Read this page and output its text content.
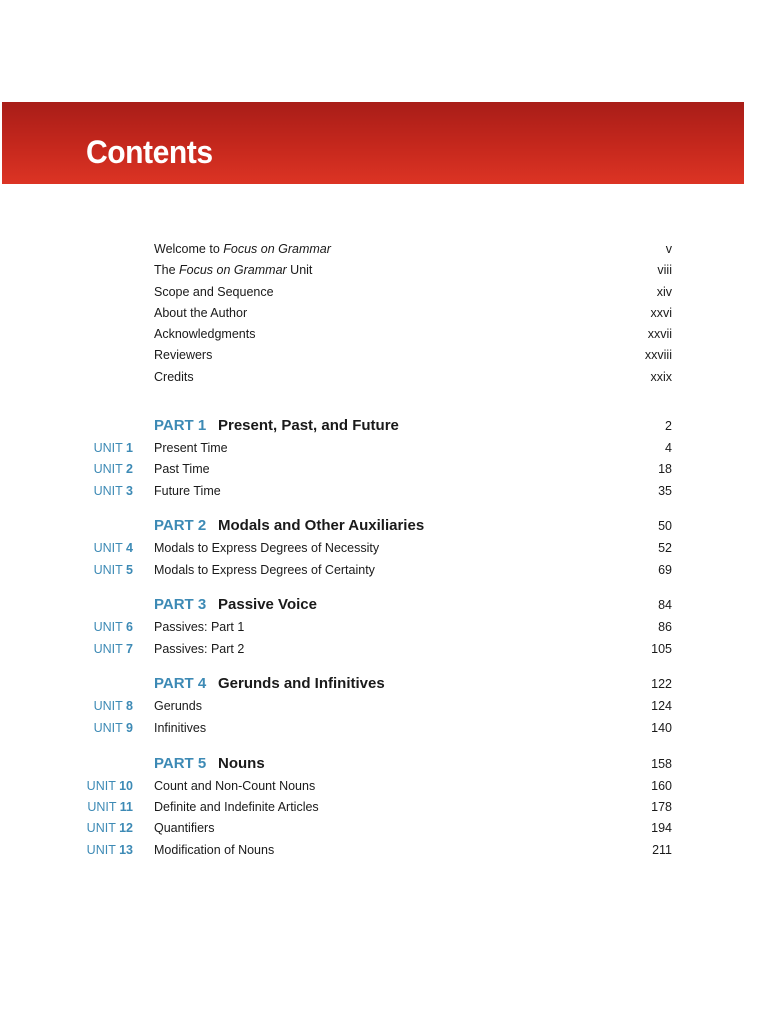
Contents
Welcome to Focus on Grammar	v
The Focus on Grammar Unit	viii
Scope and Sequence	xiv
About the Author	xxvi
Acknowledgments	xxvii
Reviewers	xxviii
Credits	xxix
PART 1 Present, Past, and Future	2
UNIT 1 Present Time	4
UNIT 2 Past Time	18
UNIT 3 Future Time	35
PART 2 Modals and Other Auxiliaries	50
UNIT 4 Modals to Express Degrees of Necessity	52
UNIT 5 Modals to Express Degrees of Certainty	69
PART 3 Passive Voice	84
UNIT 6 Passives: Part 1	86
UNIT 7 Passives: Part 2	105
PART 4 Gerunds and Infinitives	122
UNIT 8 Gerunds	124
UNIT 9 Infinitives	140
PART 5 Nouns	158
UNIT 10 Count and Non-Count Nouns	160
UNIT 11 Definite and Indefinite Articles	178
UNIT 12 Quantifiers	194
UNIT 13 Modification of Nouns	211
